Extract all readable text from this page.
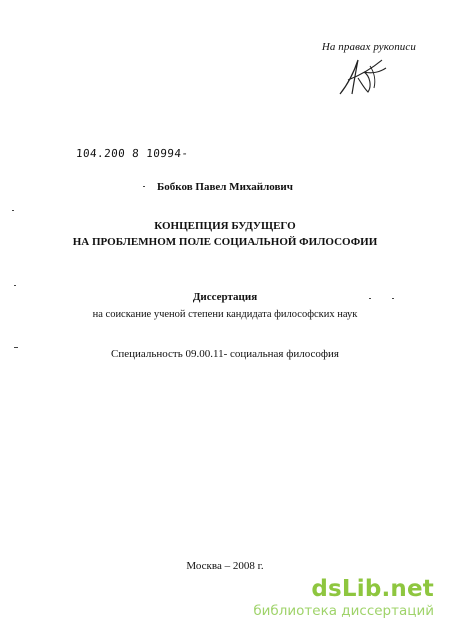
На правах рукописи
104.200 8 10994-
Бобков Павел Михайлович
КОНЦЕПЦИЯ БУДУЩЕГО
НА ПРОБЛЕМНОМ ПОЛЕ СОЦИАЛЬНОЙ ФИЛОСОФИИ
Диссертация
на соискание ученой степени кандидата философских наук
Специальность 09.00.11- социальная философия
Москва – 2008 г.
dsLib.net
библиотека диссертаций
